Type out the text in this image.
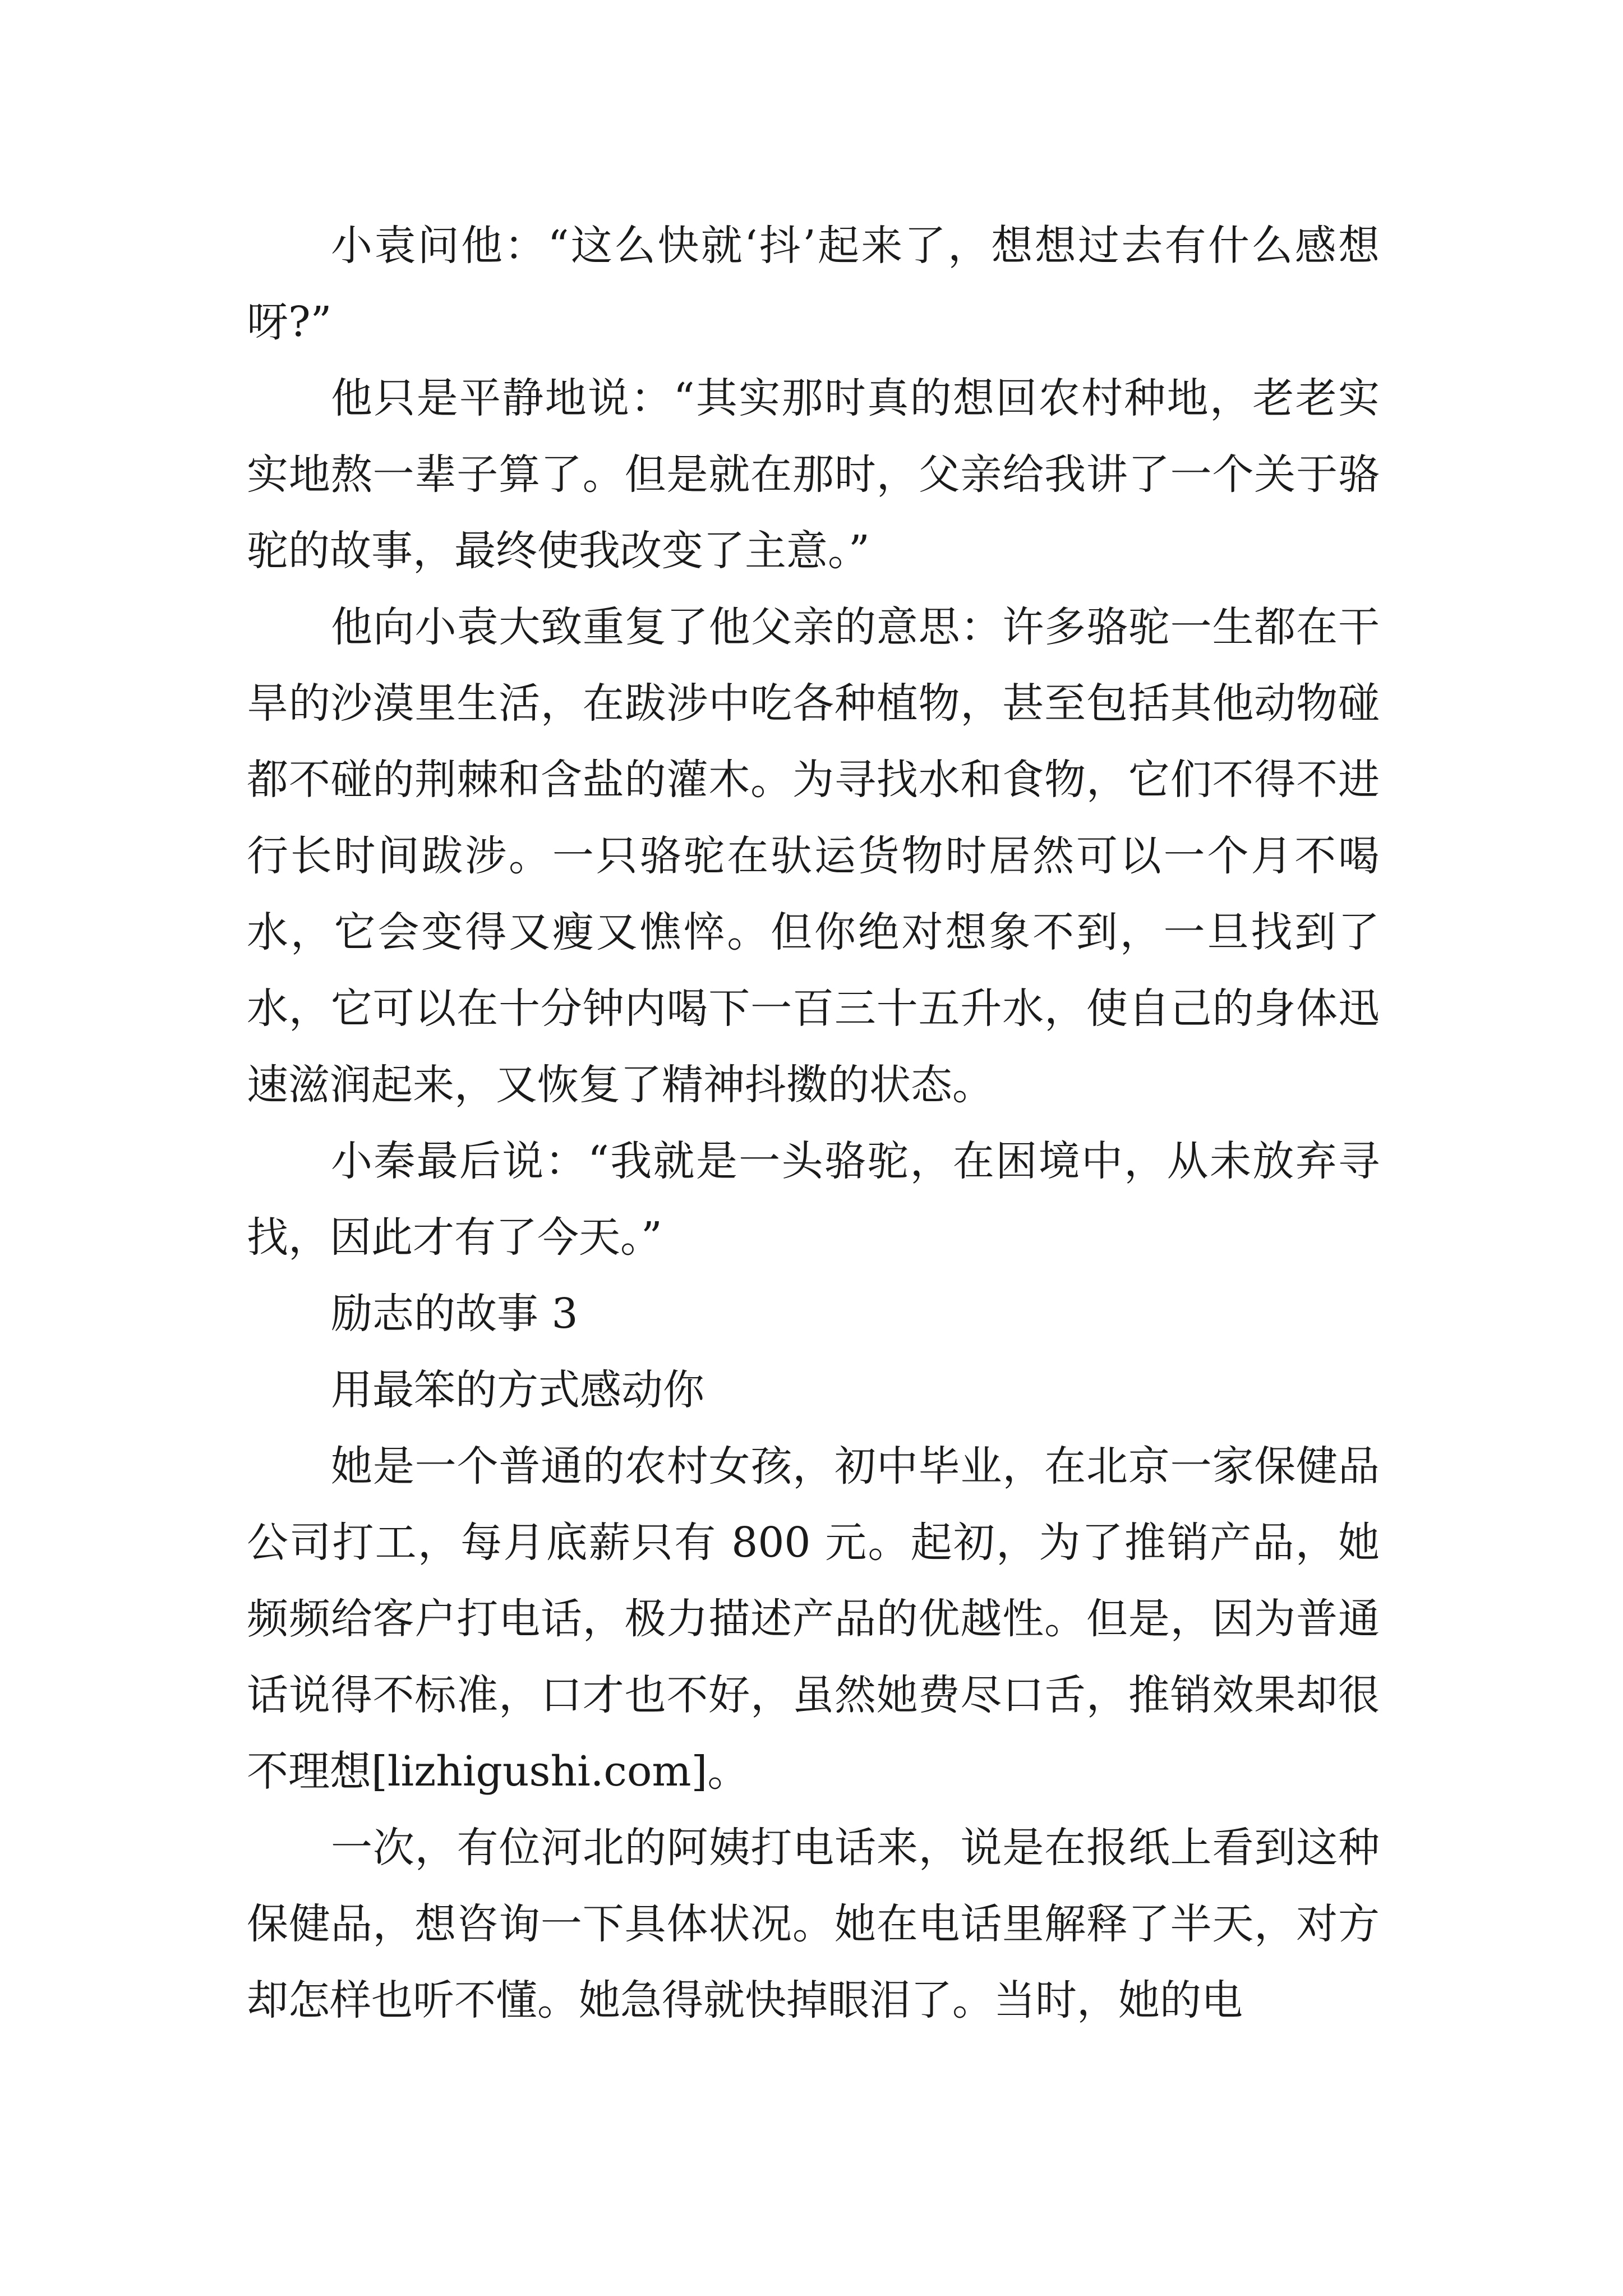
小袁问他：“这么快就‘抖’起来了，想想过去有什么感想呀?”

他只是平静地说：“其实那时真的想回农村种地，老老实实地熬一辈子算了。但是就在那时，父亲给我讲了一个关于骆驼的故事，最终使我改变了主意。”

他向小袁大致重复了他父亲的意思：许多骆驼一生都在干旱的沙漠里生活，在跋涉中吃各种植物，甚至包括其他动物碰都不碰的荆棘和含盐的灌木。为寻找水和食物，它们不得不进行长时间跋涉。一只骆驼在驮运货物时居然可以一个月不喝水，它会变得又瘦又憔悴。但你绝对想象不到，一旦找到了水，它可以在十分钟内喝下一百三十五升水，使自己的身体迅速滋润起来，又恢复了精神抖擞的状态。

小秦最后说：“我就是一头骆驼，在困境中，从未放弃寻找，因此才有了今天。”

励志的故事 3

用最笨的方式感动你

她是一个普通的农村女孩，初中毕业，在北京一家保健品公司打工，每月底薪只有 800 元。起初，为了推销产品，她频频给客户打电话，极力描述产品的优越性。但是，因为普通话说得不标准，口才也不好，虽然她费尽口舌，推销效果却很不理想[lizhigushi.com]。

一次，有位河北的阿姨打电话来，说是在报纸上看到这种保健品，想咨询一下具体状况。她在电话里解释了半天，对方却怎样也听不懂。她急得就快掉眼泪了。当时，她的电
